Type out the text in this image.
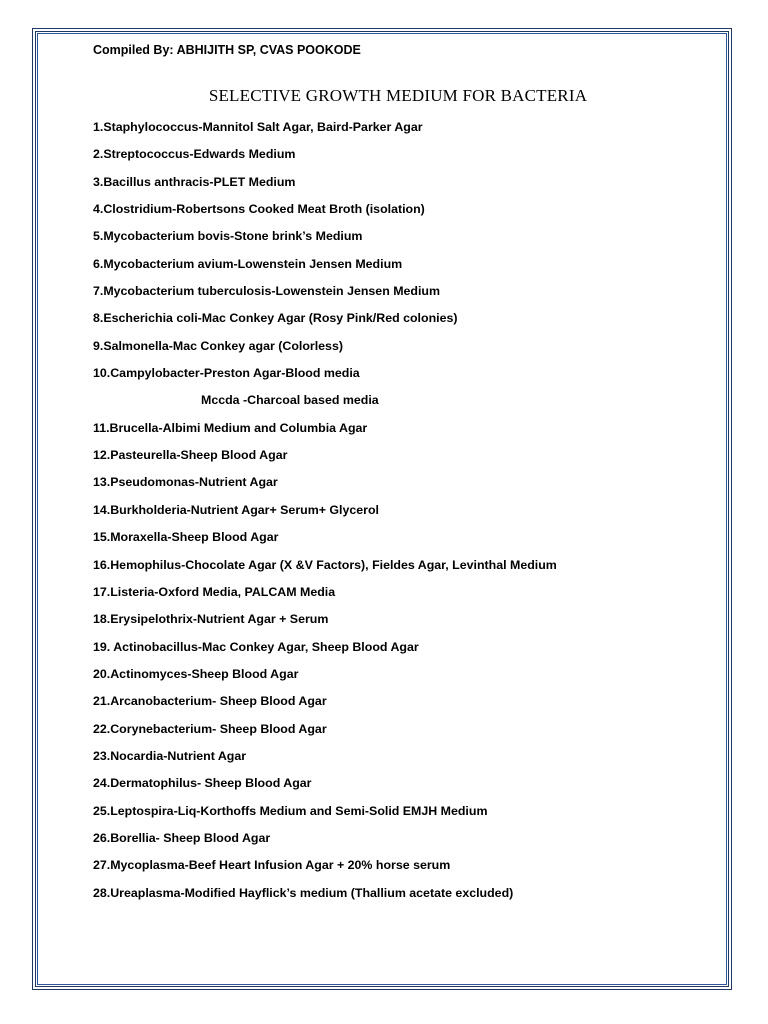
Compiled By: ABHIJITH SP, CVAS POOKODE
SELECTIVE GROWTH MEDIUM FOR BACTERIA
1.Staphylococcus-Mannitol Salt Agar, Baird-Parker Agar
2.Streptococcus-Edwards Medium
3.Bacillus anthracis-PLET Medium
4.Clostridium-Robertsons Cooked Meat Broth (isolation)
5.Mycobacterium bovis-Stone brink’s Medium
6.Mycobacterium avium-Lowenstein Jensen Medium
7.Mycobacterium tuberculosis-Lowenstein Jensen Medium
8.Escherichia coli-Mac Conkey Agar (Rosy Pink/Red colonies)
9.Salmonella-Mac Conkey agar (Colorless)
10.Campylobacter-Preston Agar-Blood media
Mccda -Charcoal based media
11.Brucella-Albimi Medium and Columbia Agar
12.Pasteurella-Sheep Blood Agar
13.Pseudomonas-Nutrient Agar
14.Burkholderia-Nutrient Agar+ Serum+ Glycerol
15.Moraxella-Sheep Blood Agar
16.Hemophilus-Chocolate Agar (X &V Factors), Fieldes Agar, Levinthal Medium
17.Listeria-Oxford Media, PALCAM Media
18.Erysipelothrix-Nutrient Agar + Serum
19. Actinobacillus-Mac Conkey Agar, Sheep Blood Agar
20.Actinomyces-Sheep Blood Agar
21.Arcanobacterium- Sheep Blood Agar
22.Corynebacterium- Sheep Blood Agar
23.Nocardia-Nutrient Agar
24.Dermatophilus- Sheep Blood Agar
25.Leptospira-Liq-Korthoffs Medium and Semi-Solid EMJH Medium
26.Borellia- Sheep Blood Agar
27.Mycoplasma-Beef Heart Infusion Agar + 20% horse serum
28.Ureaplasma-Modified Hayflick’s medium (Thallium acetate excluded)
